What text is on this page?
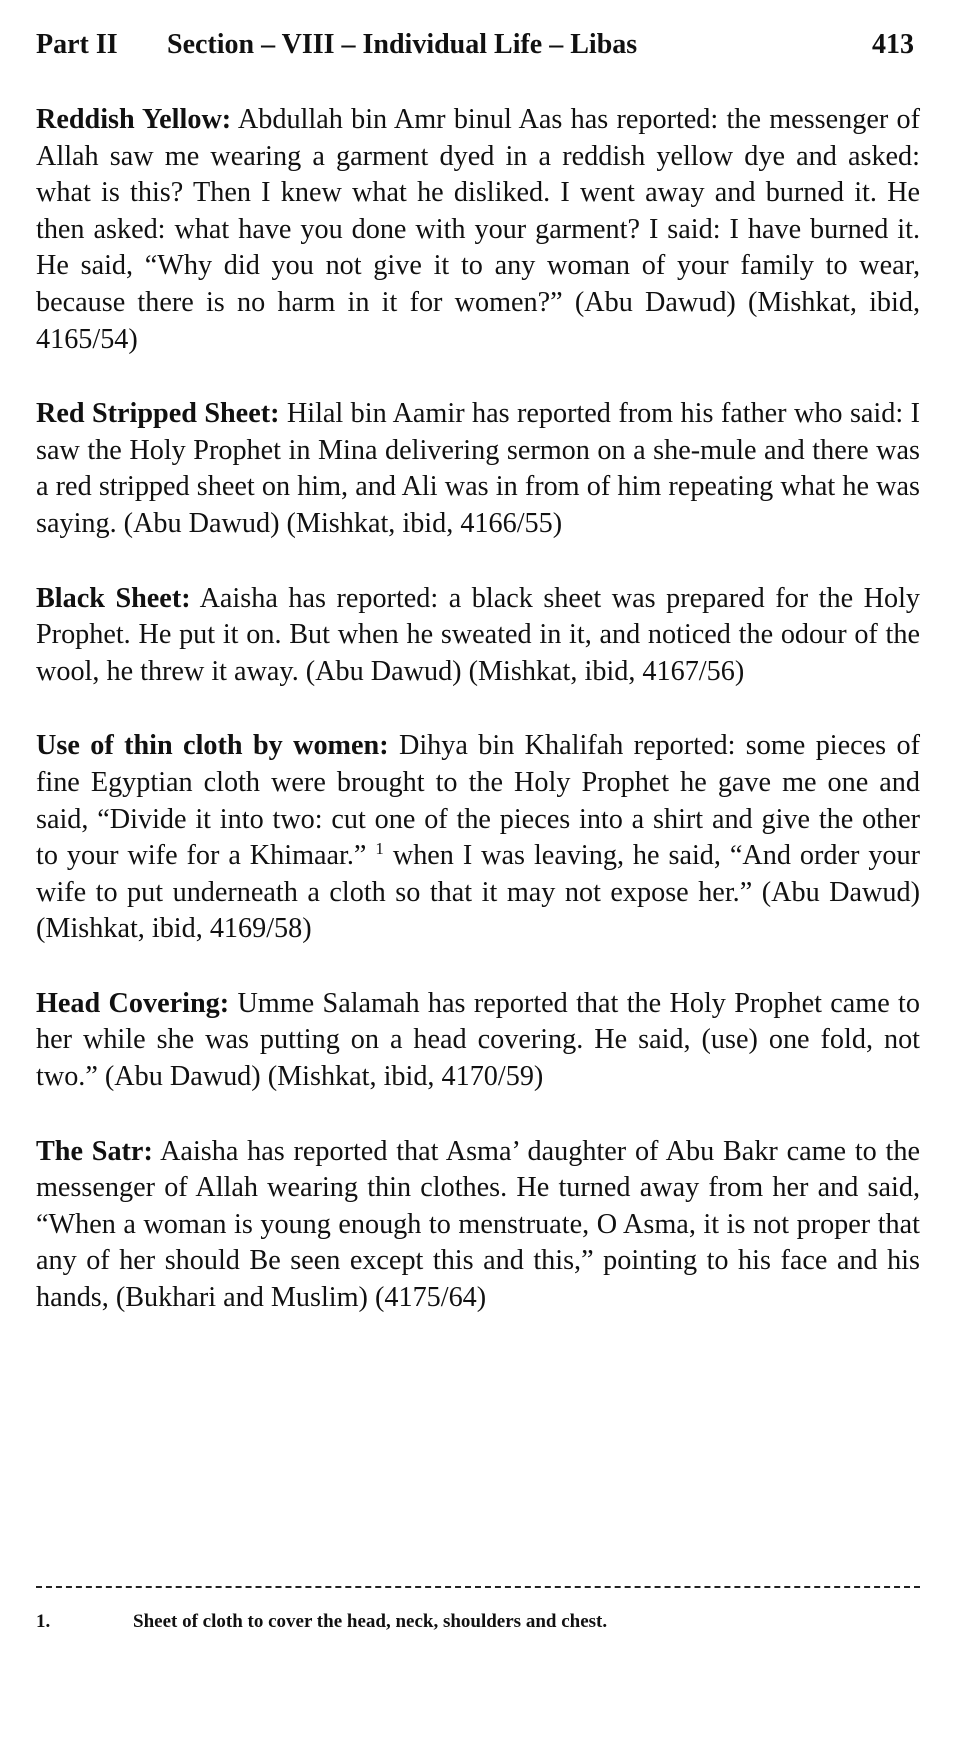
Part II Section – VIII – Individual Life – Libas	413

Reddish Yellow: Abdullah bin Amr binul Aas has reported: the messenger of Allah saw me wearing a garment dyed in a reddish yellow dye and asked: what is this? Then I knew what he disliked. I went away and burned it. He then asked: what have you done with your garment? I said: I have burned it. He said, “Why did you not give it to any woman of your family to wear, because there is no harm in it for women?” (Abu Dawud) (Mishkat, ibid, 4165/54)

Red Stripped Sheet: Hilal bin Aamir has reported from his father who said: I saw the Holy Prophet in Mina delivering sermon on a she-mule and there was a red stripped sheet on him, and Ali was in from of him repeating what he was saying. (Abu Dawud) (Mishkat, ibid, 4166/55)

Black Sheet: Aaisha has reported: a black sheet was prepared for the Holy Prophet. He put it on. But when he sweated in it, and noticed the odour of the wool, he threw it away. (Abu Dawud) (Mishkat, ibid, 4167/56)

Use of thin cloth by women: Dihya bin Khalifah reported: some pieces of fine Egyptian cloth were brought to the Holy Prophet he gave me one and said, “Divide it into two: cut one of the pieces into a shirt and give the other to your wife for a Khimaar.” $^1$ when I was leaving, he said, “And order your wife to put underneath a cloth so that it may not expose her.” (Abu Dawud) (Mishkat, ibid, 4169/58)

Head Covering: Umme Salamah has reported that the Holy Prophet came to her while she was putting on a head covering. He said, (use) one fold, not two.” (Abu Dawud) (Mishkat, ibid, 4170/59)

The Satr: Aaisha has reported that Asma’ daughter of Abu Bakr came to the messenger of Allah wearing thin clothes. He turned away from her and said, “When a woman is young enough to menstruate, O Asma, it is not proper that any of her should Be seen except this and this,” pointing to his face and his hands, (Bukhari and Muslim) (4175/64)

1.	Sheet of cloth to cover the head, neck, shoulders and chest.
